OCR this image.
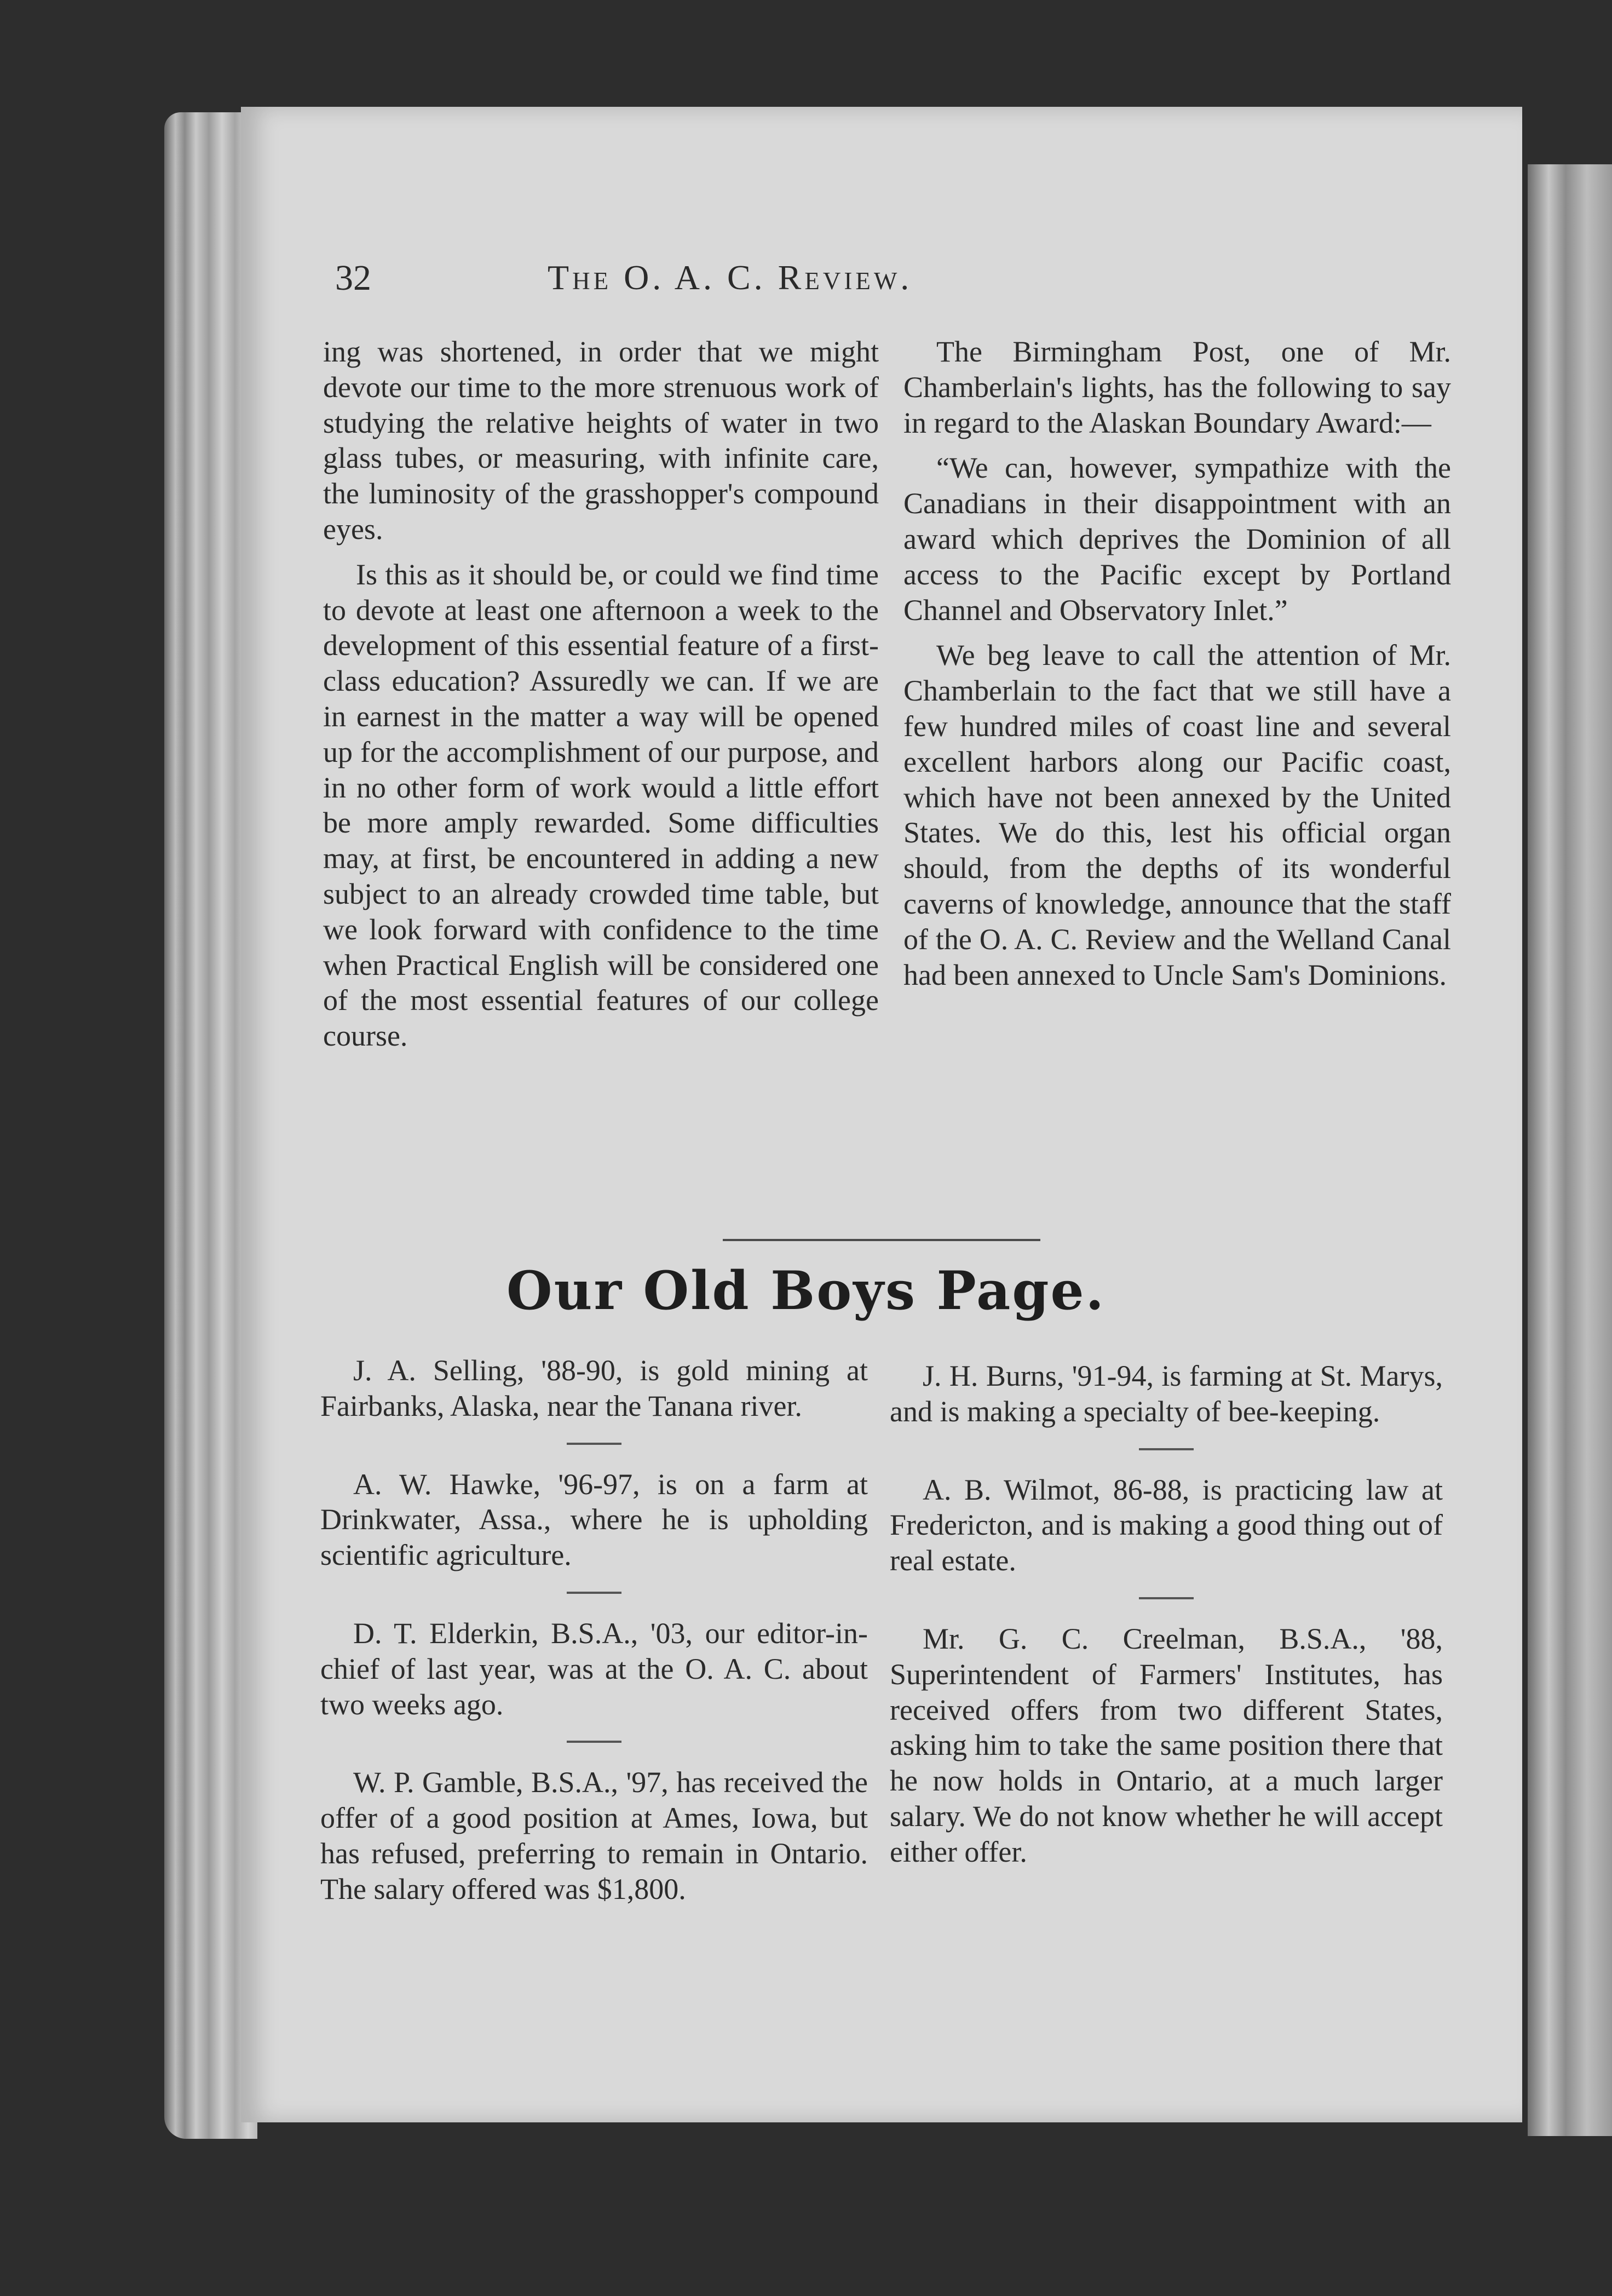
32	The O. A. C. Review.

ing was shortened, in order that we might devote our time to the more strenuous work of studying the relative heights of water in two glass tubes, or measuring, with infinite care, the luminosity of the grasshopper's compound eyes.

Is this as it should be, or could we find time to devote at least one afternoon a week to the development of this essential feature of a first-class education? Assuredly we can. If we are in earnest in the matter a way will be opened up for the accomplishment of our purpose, and in no other form of work would a little effort be more amply rewarded. Some difficulties may, at first, be encountered in adding a new subject to an already crowded time table, but we look forward with confidence to the time when Practical English will be considered one of the most essential features of our college course.

The Birmingham Post, one of Mr. Chamberlain's lights, has the following to say in regard to the Alaskan Boundary Award:—

“We can, however, sympathize with the Canadians in their disappointment with an award which deprives the Dominion of all access to the Pacific except by Portland Channel and Observatory Inlet.”

We beg leave to call the attention of Mr. Chamberlain to the fact that we still have a few hundred miles of coast line and several excellent harbors along our Pacific coast, which have not been annexed by the United States. We do this, lest his official organ should, from the depths of its wonderful caverns of knowledge, announce that the staff of the O. A. C. Review and the Welland Canal had been annexed to Uncle Sam's Dominions.

Our Old Boys Page.

J. A. Selling, '88-90, is gold mining at Fairbanks, Alaska, near the Tanana river.

A. W. Hawke, '96-97, is on a farm at Drinkwater, Assa., where he is upholding scientific agriculture.

D. T. Elderkin, B.S.A., '03, our editor-in-chief of last year, was at the O. A. C. about two weeks ago.

W. P. Gamble, B.S.A., '97, has received the offer of a good position at Ames, Iowa, but has refused, preferring to remain in Ontario. The salary offered was $1,800.

J. H. Burns, '91-94, is farming at St. Marys, and is making a specialty of bee-keeping.

A. B. Wilmot, 86-88, is practicing law at Fredericton, and is making a good thing out of real estate.

Mr. G. C. Creelman, B.S.A., '88, Superintendent of Farmers' Institutes, has received offers from two different States, asking him to take the same position there that he now holds in Ontario, at a much larger salary. We do not know whether he will accept either offer.
